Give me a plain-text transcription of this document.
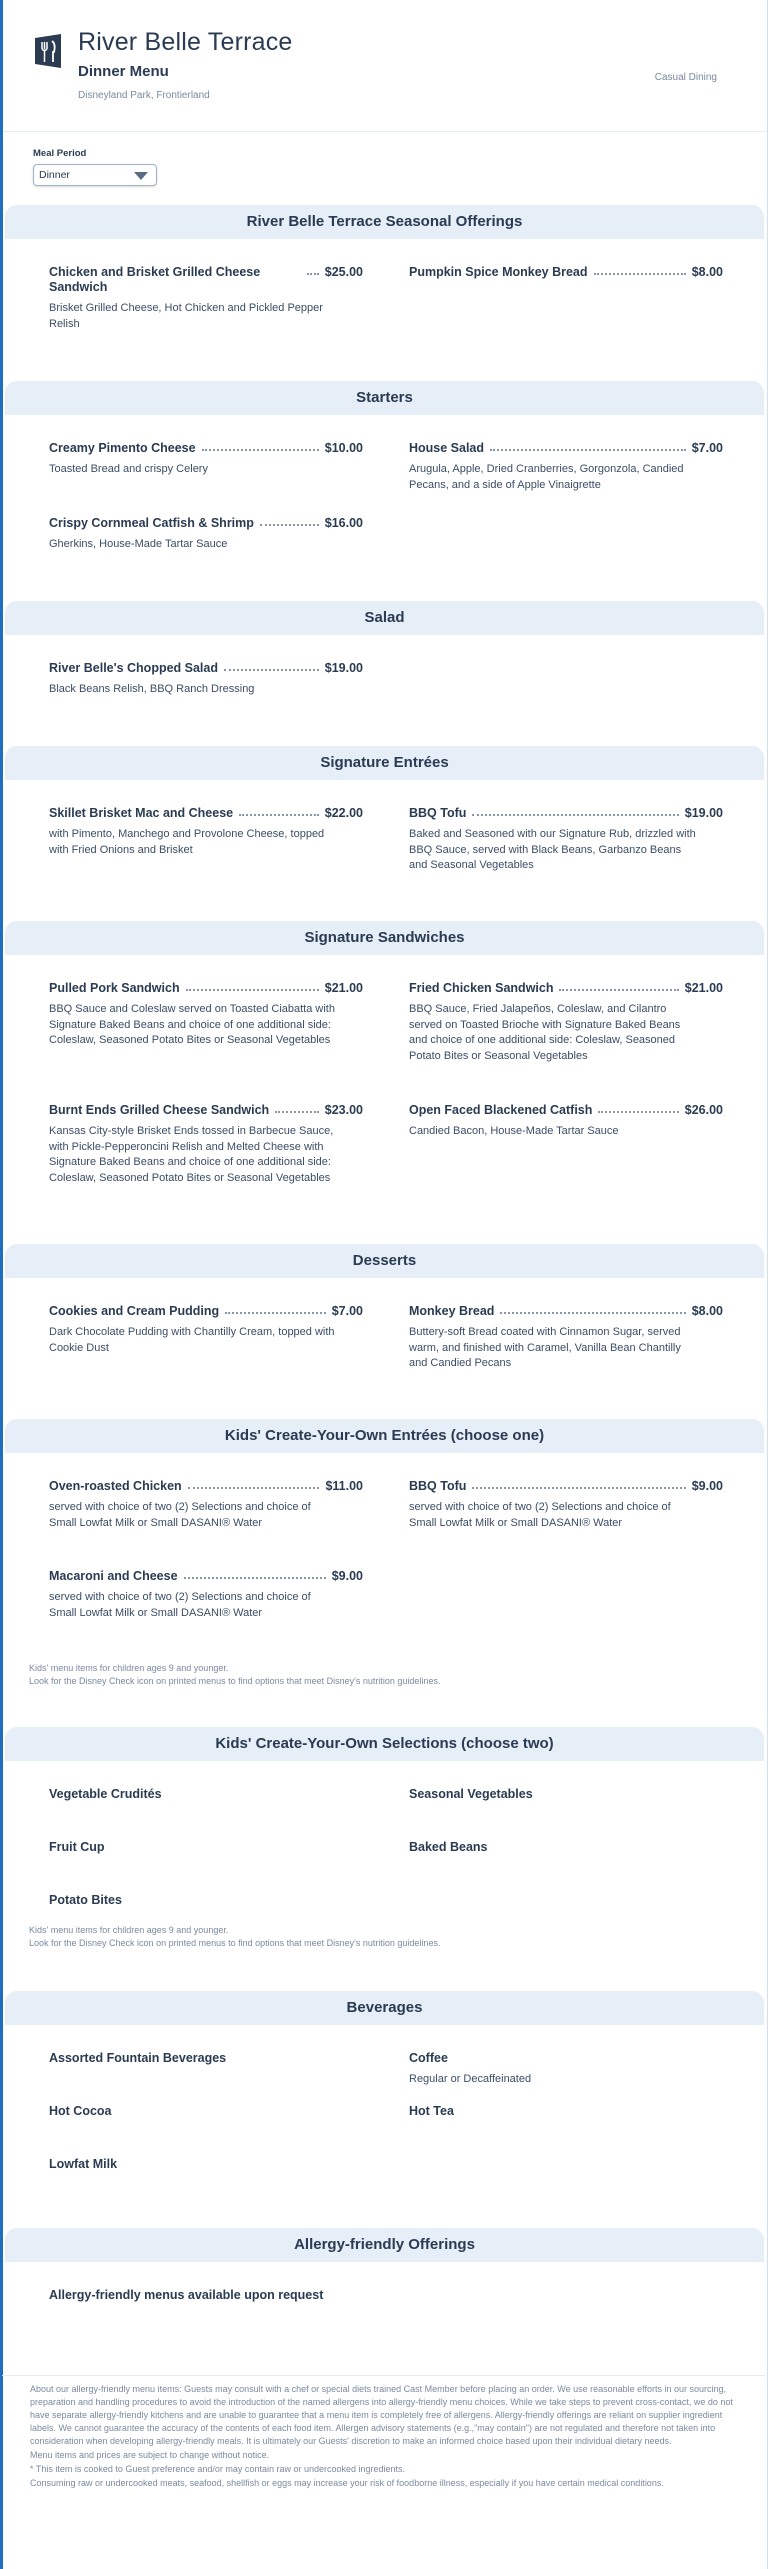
River Belle Terrace
Dinner Menu
Disneyland Park, Frontierland
Casual Dining
Meal Period
Dinner
River Belle Terrace Seasonal Offerings
Chicken and Brisket Grilled Cheese Sandwich
$25.00
Brisket Grilled Cheese, Hot Chicken and Pickled Pepper Relish
Pumpkin Spice Monkey Bread	$8.00
Starters
Creamy Pimento Cheese	$10.00
Toasted Bread and crispy Celery
House Salad	$7.00
Arugula, Apple, Dried Cranberries, Gorgonzola, Candied Pecans, and a side of Apple Vinaigrette
Crispy Cornmeal Catfish & Shrimp	$16.00
Gherkins, House-Made Tartar Sauce
Salad
River Belle's Chopped Salad	$19.00
Black Beans Relish, BBQ Ranch Dressing
Signature Entrées
Skillet Brisket Mac and Cheese	$22.00
with Pimento, Manchego and Provolone Cheese, topped with Fried Onions and Brisket
BBQ Tofu	$19.00
Baked and Seasoned with our Signature Rub, drizzled with BBQ Sauce, served with Black Beans, Garbanzo Beans and Seasonal Vegetables
Signature Sandwiches
Pulled Pork Sandwich	$21.00
BBQ Sauce and Coleslaw served on Toasted Ciabatta with Signature Baked Beans and choice of one additional side: Coleslaw, Seasoned Potato Bites or Seasonal Vegetables
Fried Chicken Sandwich	$21.00
BBQ Sauce, Fried Jalapeños, Coleslaw, and Cilantro served on Toasted Brioche with Signature Baked Beans and choice of one additional side: Coleslaw, Seasoned Potato Bites or Seasonal Vegetables
Burnt Ends Grilled Cheese Sandwich	$23.00
Kansas City-style Brisket Ends tossed in Barbecue Sauce, with Pickle-Pepperoncini Relish and Melted Cheese with Signature Baked Beans and choice of one additional side: Coleslaw, Seasoned Potato Bites or Seasonal Vegetables
Open Faced Blackened Catfish	$26.00
Candied Bacon, House-Made Tartar Sauce
Desserts
Cookies and Cream Pudding	$7.00
Dark Chocolate Pudding with Chantilly Cream, topped with Cookie Dust
Monkey Bread	$8.00
Buttery-soft Bread coated with Cinnamon Sugar, served warm, and finished with Caramel, Vanilla Bean Chantilly and Candied Pecans
Kids' Create-Your-Own Entrées (choose one)
Oven-roasted Chicken	$11.00
served with choice of two (2) Selections and choice of Small Lowfat Milk or Small DASANI® Water
BBQ Tofu	$9.00
served with choice of two (2) Selections and choice of Small Lowfat Milk or Small DASANI® Water
Macaroni and Cheese	$9.00
served with choice of two (2) Selections and choice of Small Lowfat Milk or Small DASANI® Water
Kids' menu items for children ages 9 and younger.
Look for the Disney Check icon on printed menus to find options that meet Disney's nutrition guidelines.
Kids' Create-Your-Own Selections (choose two)
Vegetable Crudités	Seasonal Vegetables
Fruit Cup	Baked Beans
Potato Bites
Kids' menu items for children ages 9 and younger.
Look for the Disney Check icon on printed menus to find options that meet Disney's nutrition guidelines.
Beverages
Assorted Fountain Beverages	Coffee
Regular or Decaffeinated
Hot Cocoa	Hot Tea
Lowfat Milk
Allergy-friendly Offerings
Allergy-friendly menus available upon request

About our allergy-friendly menu items: Guests may consult with a chef or special diets trained Cast Member before placing an order. We use reasonable efforts in our sourcing, preparation and handling procedures to avoid the introduction of the named allergens into allergy-friendly menu choices. While we take steps to prevent cross-contact, we do not have separate allergy-friendly kitchens and are unable to guarantee that a menu item is completely free of allergens. Allergy-friendly offerings are reliant on supplier ingredient labels. We cannot guarantee the accuracy of the contents of each food item. Allergen advisory statements (e.g.,"may contain") are not regulated and therefore not taken into consideration when developing allergy-friendly meals. It is ultimately our Guests' discretion to make an informed choice based upon their individual dietary needs.

Menu items and prices are subject to change without notice.

* This item is cooked to Guest preference and/or may contain raw or undercooked ingredients.

Consuming raw or undercooked meats, seafood, shellfish or eggs may increase your risk of foodborne illness, especially if you have certain medical conditions.
